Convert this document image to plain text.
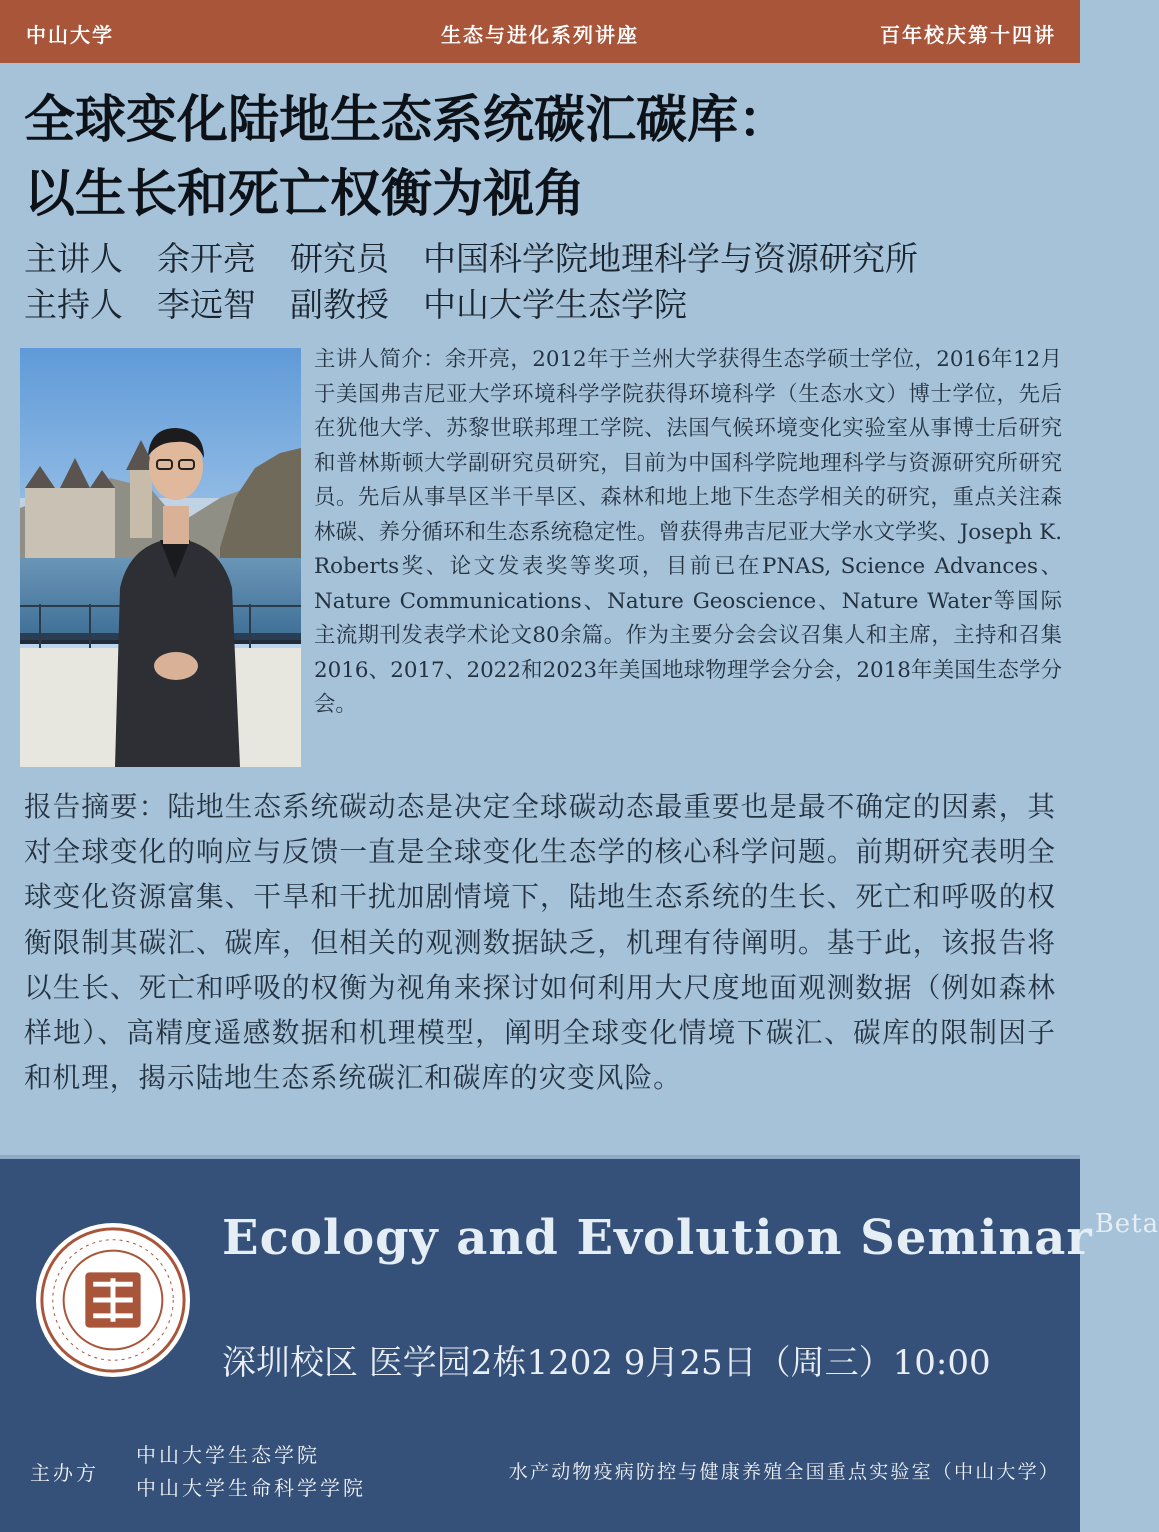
中山大学	生态与进化系列讲座	百年校庆第十四讲
全球变化陆地生态系统碳汇碳库：
以生长和死亡权衡为视角
主讲人 余开亮 研究员 中国科学院地理科学与资源研究所
主持人 李远智 副教授 中山大学生态学院

主讲人简介：余开亮，2012年于兰州大学获得生态学硕士学位，2016年12月于美国弗吉尼亚大学环境科学学院获得环境科学（生态水文）博士学位，先后在犹他大学、苏黎世联邦理工学院、法国气候环境变化实验室从事博士后研究和普林斯顿大学副研究员研究，目前为中国科学院地理科学与资源研究所研究员。先后从事旱区半干旱区、森林和地上地下生态学相关的研究，重点关注森林碳、养分循环和生态系统稳定性。曾获得弗吉尼亚大学水文学奖、Joseph K. Roberts奖、论文发表奖等奖项，目前已在PNAS, Science Advances、Nature Communications、Nature Geoscience、Nature Water等国际主流期刊发表学术论文80余篇。作为主要分会会议召集人和主席，主持和召集2016、2017、2022和2023年美国地球物理学会分会，2018年美国生态学分会。

报告摘要：陆地生态系统碳动态是决定全球碳动态最重要也是最不确定的因素，其对全球变化的响应与反馈一直是全球变化生态学的核心科学问题。前期研究表明全球变化资源富集、干旱和干扰加剧情境下，陆地生态系统的生长、死亡和呼吸的权衡限制其碳汇、碳库，但相关的观测数据缺乏，机理有待阐明。基于此，该报告将以生长、死亡和呼吸的权衡为视角来探讨如何利用大尺度地面观测数据（例如森林样地）、高精度遥感数据和机理模型，阐明全球变化情境下碳汇、碳库的限制因子和机理，揭示陆地生态系统碳汇和碳库的灾变风险。

Ecology and Evolution Seminar$^{Beta}$
深圳校区 医学园2栋1202 9月25日（周三）10:00
主办方
中山大学生态学院
中山大学生命科学学院
水产动物疫病防控与健康养殖全国重点实验室（中山大学）
